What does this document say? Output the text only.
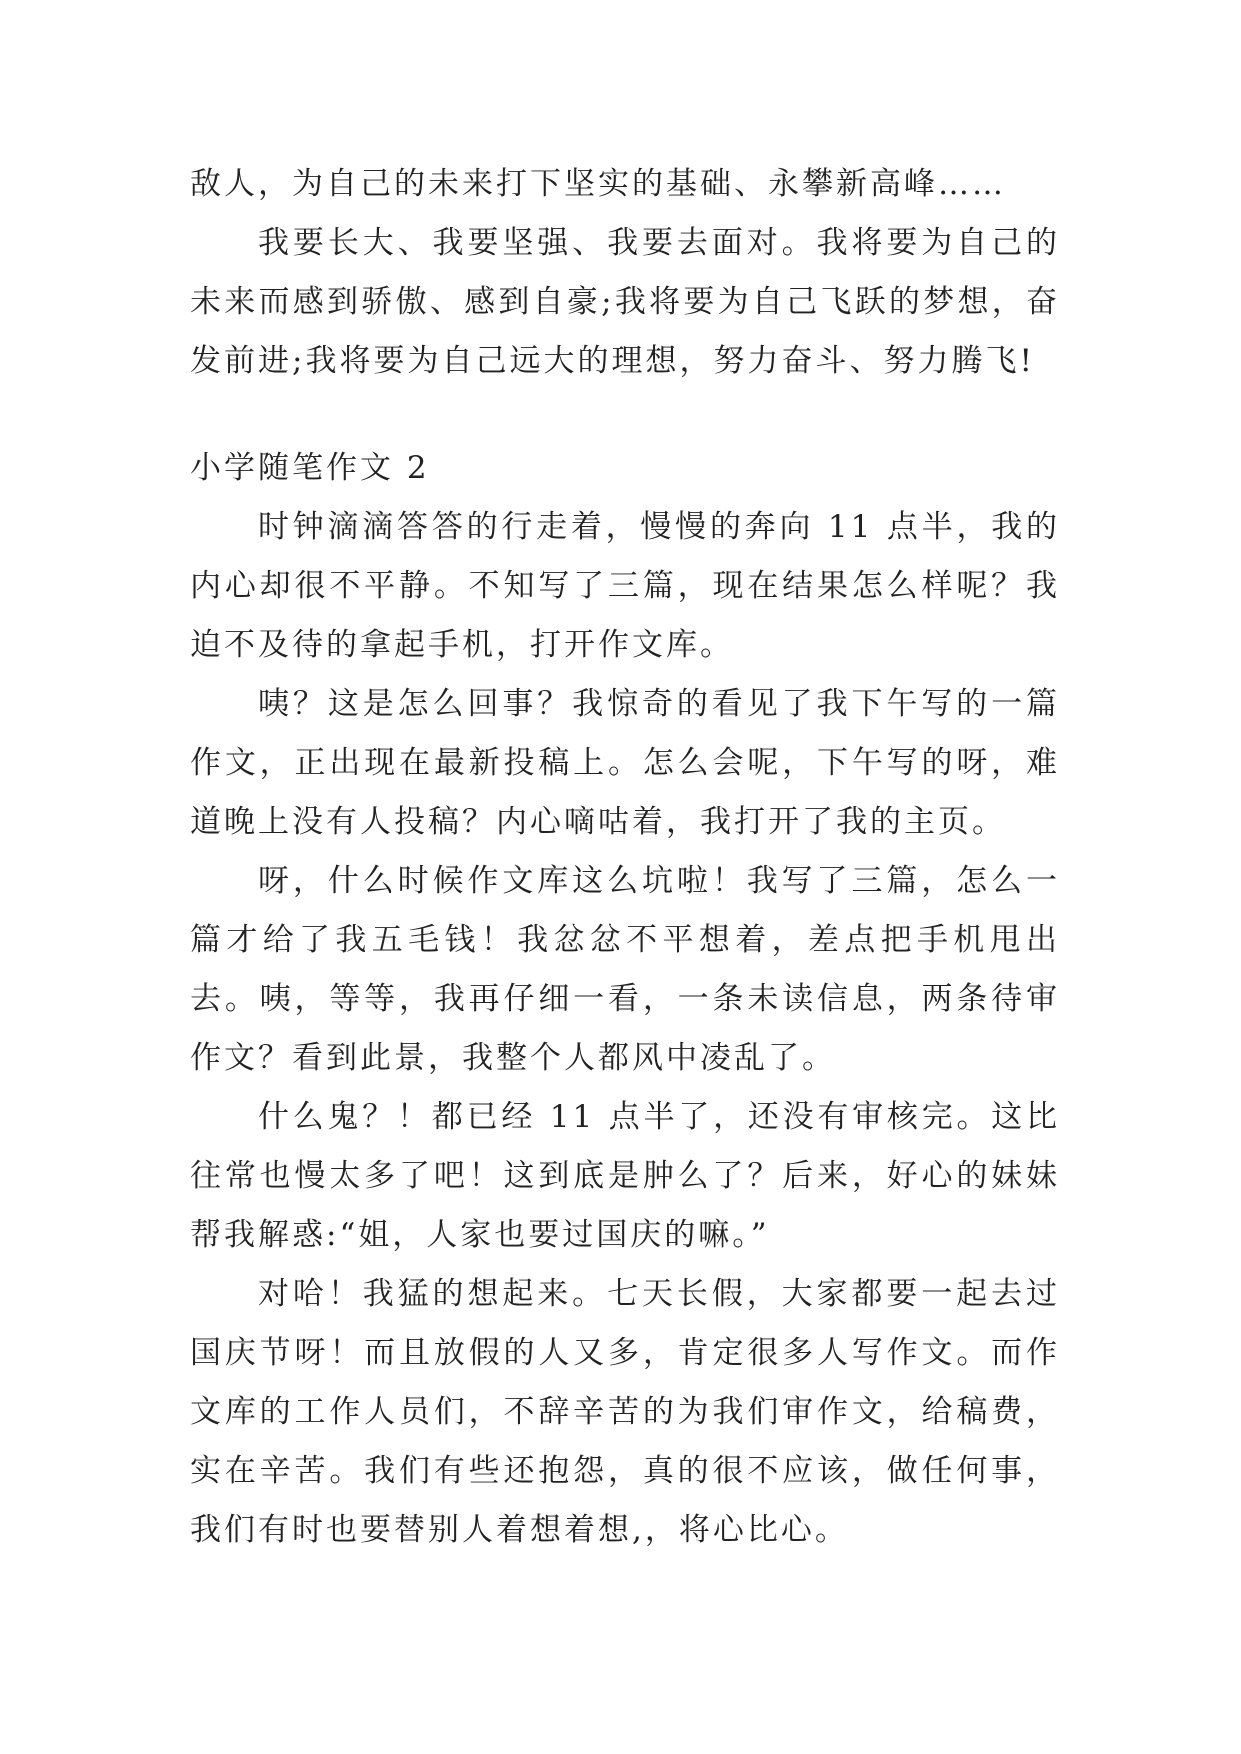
敌人，为自己的未来打下坚实的基础、永攀新高峰……

我要长大、我要坚强、我要去面对。我将要为自己的未来而感到骄傲、感到自豪;我将要为自己飞跃的梦想，奋发前进;我将要为自己远大的理想，努力奋斗、努力腾飞!

小学随笔作文 2

时钟滴滴答答的行走着，慢慢的奔向 11 点半，我的内心却很不平静。不知写了三篇，现在结果怎么样呢？我迫不及待的拿起手机，打开作文库。

咦？这是怎么回事？我惊奇的看见了我下午写的一篇作文，正出现在最新投稿上。怎么会呢，下午写的呀，难道晚上没有人投稿？内心嘀咕着，我打开了我的主页。

呀，什么时候作文库这么坑啦！我写了三篇，怎么一篇才给了我五毛钱！我忿忿不平想着，差点把手机甩出去。咦，等等，我再仔细一看，一条未读信息，两条待审作文？看到此景，我整个人都风中凌乱了。

什么鬼？！都已经 11 点半了，还没有审核完。这比往常也慢太多了吧！这到底是肿么了？后来，好心的妹妹帮我解惑:“姐，人家也要过国庆的嘛。”

对哈！我猛的想起来。七天长假，大家都要一起去过国庆节呀！而且放假的人又多，肯定很多人写作文。而作文库的工作人员们，不辞辛苦的为我们审作文，给稿费，实在辛苦。我们有些还抱怨，真的很不应该，做任何事，我们有时也要替别人着想着想,，将心比心。
